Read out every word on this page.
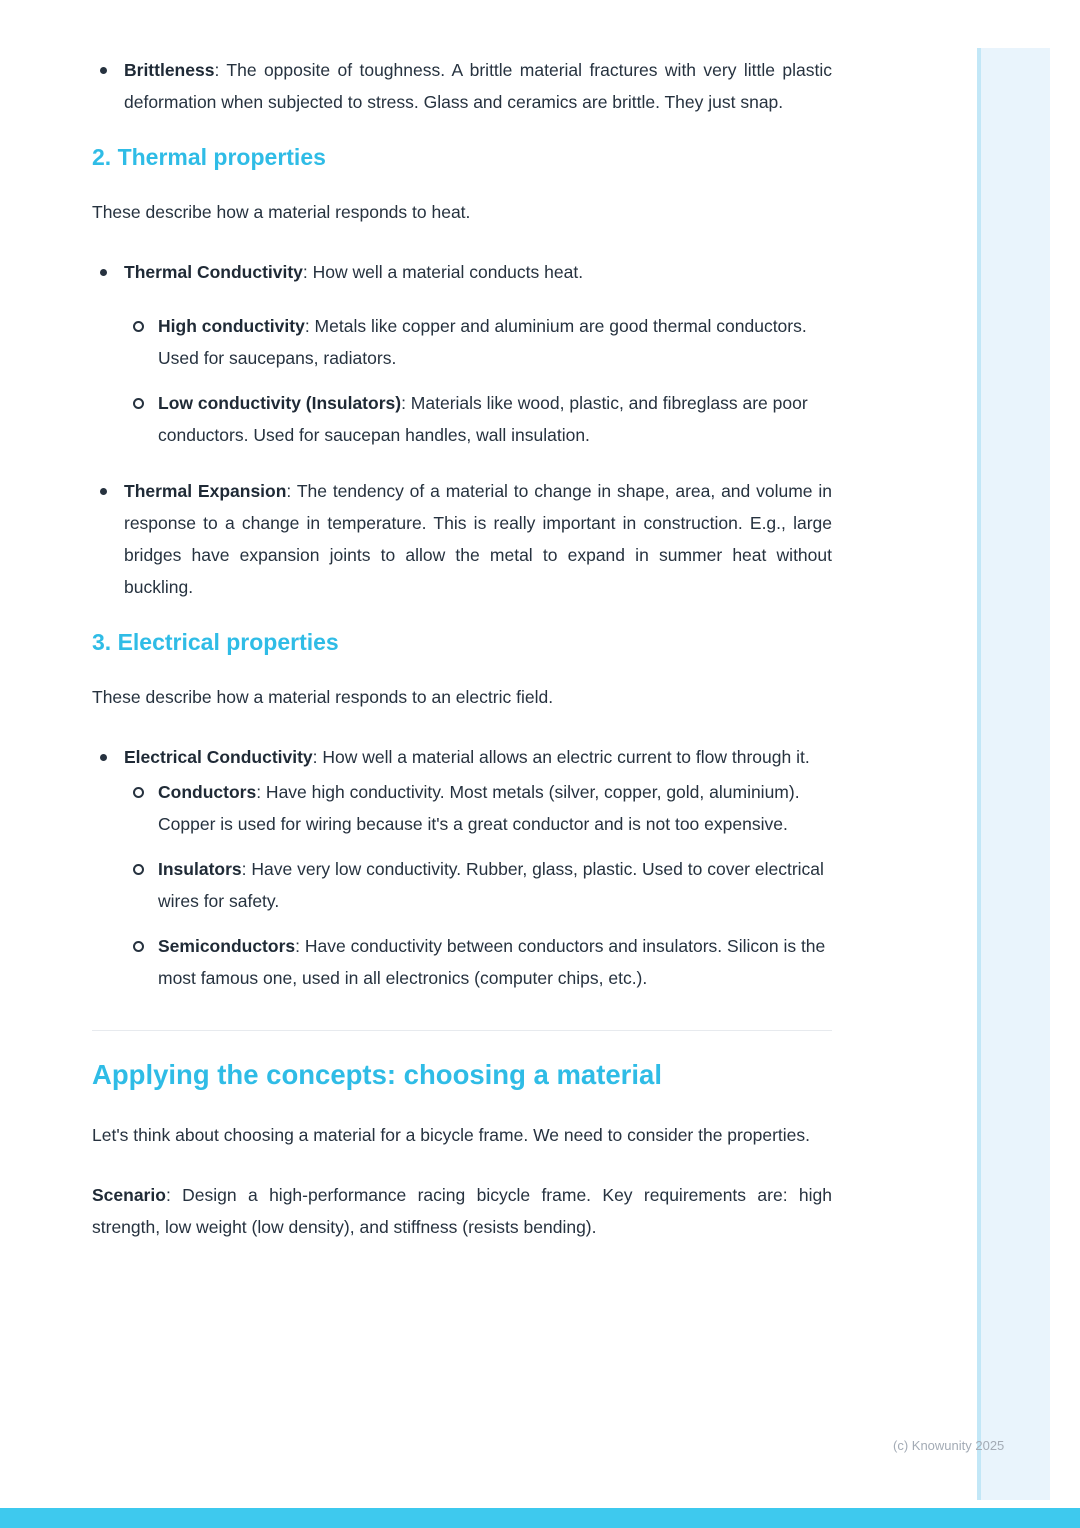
Brittleness: The opposite of toughness. A brittle material fractures with very little plastic deformation when subjected to stress. Glass and ceramics are brittle. They just snap.
2. Thermal properties

These describe how a material responds to heat.

Thermal Conductivity: How well a material conducts heat.
High conductivity: Metals like copper and aluminium are good thermal conductors. Used for saucepans, radiators.
Low conductivity (Insulators): Materials like wood, plastic, and fibreglass are poor conductors. Used for saucepan handles, wall insulation.
Thermal Expansion: The tendency of a material to change in shape, area, and volume in response to a change in temperature. This is really important in construction. E.g., large bridges have expansion joints to allow the metal to expand in summer heat without buckling.
3. Electrical properties

These describe how a material responds to an electric field.

Electrical Conductivity: How well a material allows an electric current to flow through it.
Conductors: Have high conductivity. Most metals (silver, copper, gold, aluminium). Copper is used for wiring because it's a great conductor and is not too expensive.
Insulators: Have very low conductivity. Rubber, glass, plastic. Used to cover electrical wires for safety.
Semiconductors: Have conductivity between conductors and insulators. Silicon is the most famous one, used in all electronics (computer chips, etc.).
Applying the concepts: choosing a material

Let's think about choosing a material for a bicycle frame. We need to consider the properties.

Scenario: Design a high-performance racing bicycle frame. Key requirements are: high strength, low weight (low density), and stiffness (resists bending).

(c) Knowunity 2025
